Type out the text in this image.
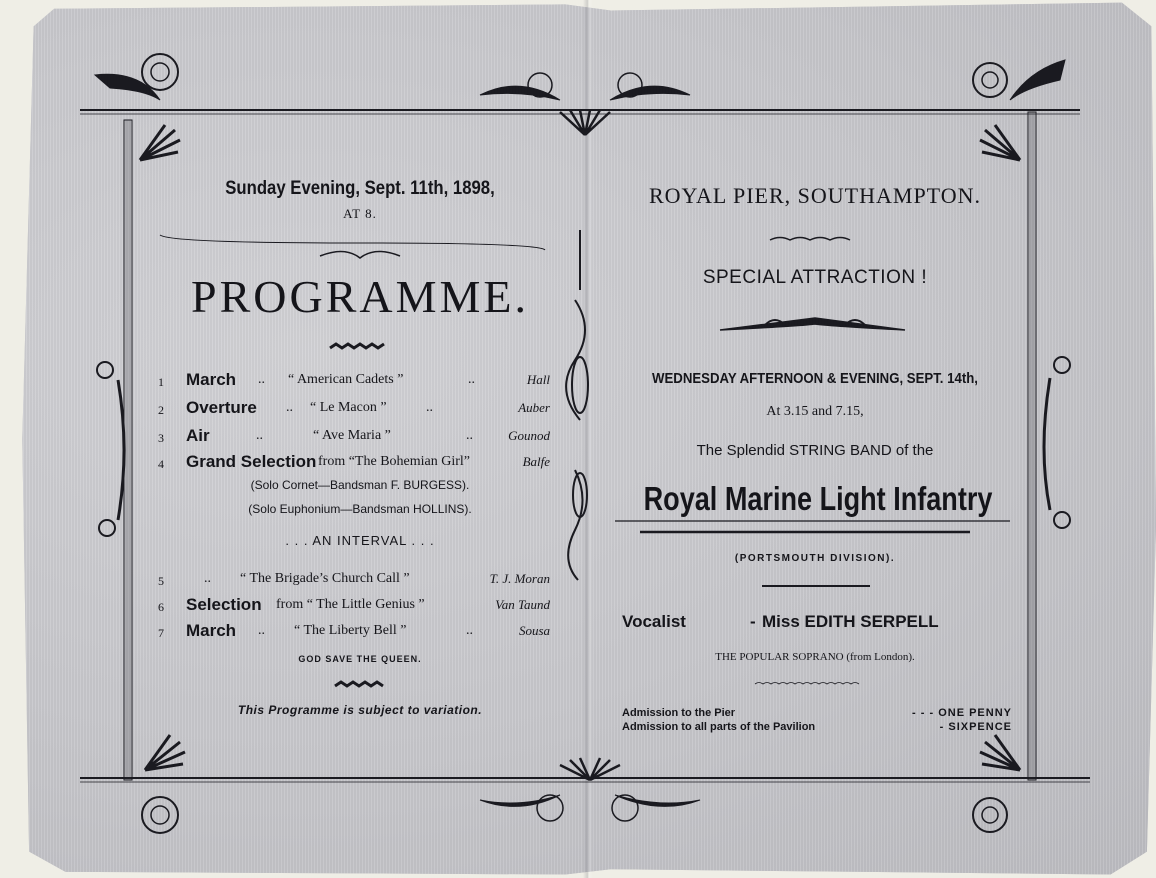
Sunday Evening, Sept. 11th, 1898,
AT 8.
PROGRAMME.
1 March .. “ American Cadets ”	..	Hall
2 Overture .. “ Le Macon ”	..	Auber
3 Air	..	“ Ave Maria ”	..	Gounod
4 Grand Selection from “The Bohemian Girl”	Balfe
(Solo Cornet—Bandsman F. BURGESS).
(Solo Euphonium—Bandsman HOLLINS).
. . . AN INTERVAL . . .
5	.. “ The Brigade’s Church Call ”	T. J. Moran
6 Selection from “ The Little Genius ”	Van Taund
7 March .. “ The Liberty Bell ”	..	Sousa
GOD SAVE THE QUEEN.
This Programme is subject to variation.
ROYAL PIER, SOUTHAMPTON.
SPECIAL ATTRACTION !
WEDNESDAY AFTERNOON & EVENING, SEPT. 14th,
At 3.15 and 7.15,
The Splendid STRING BAND of the
Royal Marine Light Infantry
(PORTSMOUTH DIVISION).
Vocalist	- Miss EDITH SERPELL
THE POPULAR SOPRANO (from London).
Admission to the Pier	- - - ONE PENNY
Admission to all parts of the Pavilion	- SIXPENCE
